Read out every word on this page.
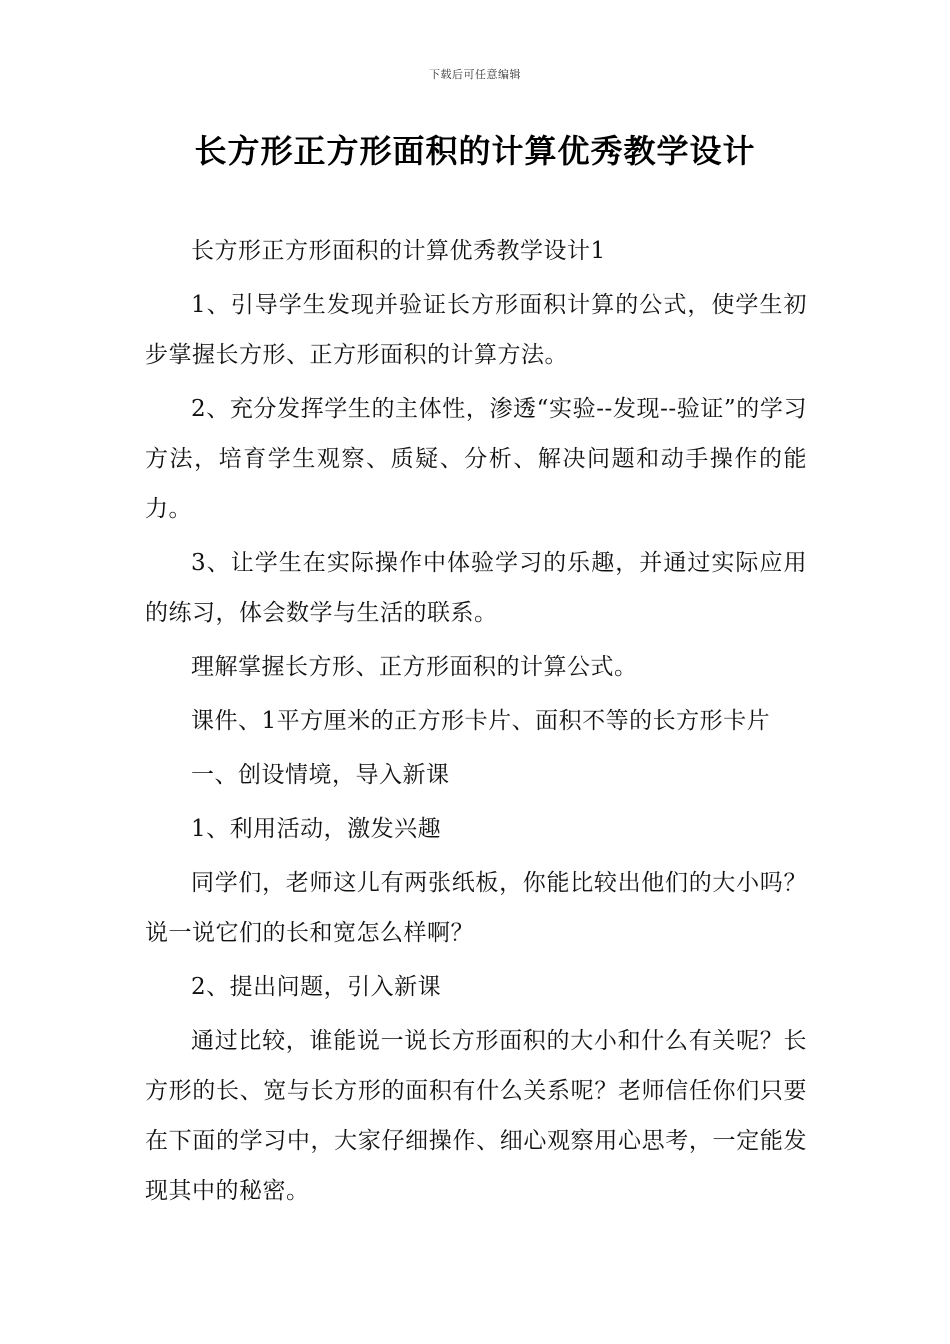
下载后可任意编辑
长方形正方形面积的计算优秀教学设计

长方形正方形面积的计算优秀教学设计1

1、引导学生发现并验证长方形面积计算的公式，使学生初步掌握长方形、正方形面积的计算方法。

2、充分发挥学生的主体性，渗透“实验--发现--验证”的学习方法，培育学生观察、质疑、分析、解决问题和动手操作的能力。

3、让学生在实际操作中体验学习的乐趣，并通过实际应用的练习，体会数学与生活的联系。

理解掌握长方形、正方形面积的计算公式。

课件、1平方厘米的正方形卡片、面积不等的长方形卡片

一、创设情境，导入新课

1、利用活动，激发兴趣

同学们，老师这儿有两张纸板，你能比较出他们的大小吗？说一说它们的长和宽怎么样啊？

2、提出问题，引入新课

通过比较，谁能说一说长方形面积的大小和什么有关呢？长方形的长、宽与长方形的面积有什么关系呢？老师信任你们只要在下面的学习中，大家仔细操作、细心观察用心思考，一定能发现其中的秘密。
